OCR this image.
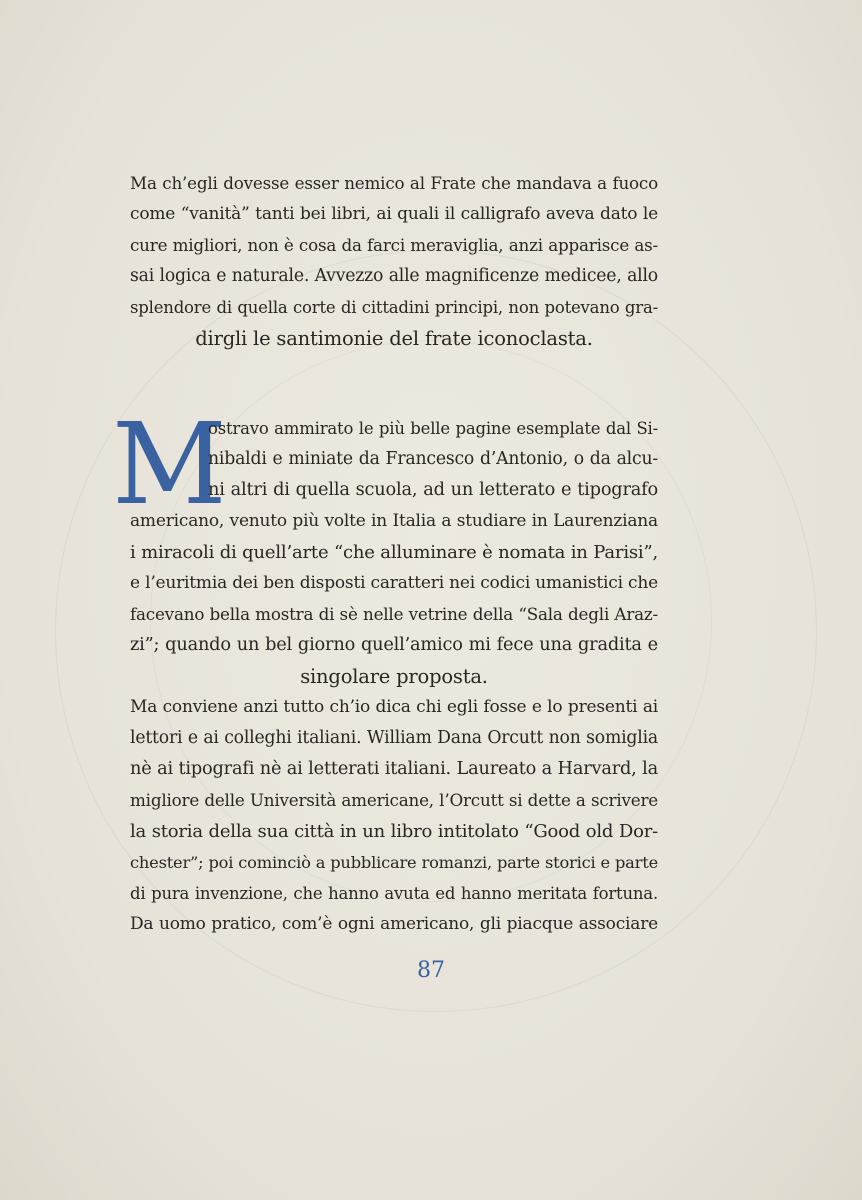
Ma ch’egli dovesse esser nemico al Frate che mandava a fuoco
come “vanità” tanti bei libri, ai quali il calligrafo aveva dato le
cure migliori, non è cosa da farci meraviglia, anzi apparisce as-
sai logica e naturale. Avvezzo alle magnificenze medicee, allo
splendore di quella corte di cittadini principi, non potevano gra-
dirgli le santimonie del frate iconoclasta.
M
ostravo ammirato le più belle pagine esemplate dal Si-
nibaldi e miniate da Francesco d’Antonio, o da alcu-
ni altri di quella scuola, ad un letterato e tipografo
americano, venuto più volte in Italia a studiare in Laurenziana
i miracoli di quell’arte “che alluminare è nomata in Parisi”,
e l’euritmia dei ben disposti caratteri nei codici umanistici che
facevano bella mostra di sè nelle vetrine della “Sala degli Araz-
zi”; quando un bel giorno quell’amico mi fece una gradita e
singolare proposta.
Ma conviene anzi tutto ch’io dica chi egli fosse e lo presenti ai
lettori e ai colleghi italiani. William Dana Orcutt non somiglia
nè ai tipografi nè ai letterati italiani. Laureato a Harvard, la
migliore delle Università americane, l’Orcutt si dette a scrivere
la storia della sua città in un libro intitolato “Good old Dor-
chester”; poi cominciò a pubblicare romanzi, parte storici e parte
di pura invenzione, che hanno avuta ed hanno meritata fortuna.
Da uomo pratico, com’è ogni americano, gli piacque associare
87
